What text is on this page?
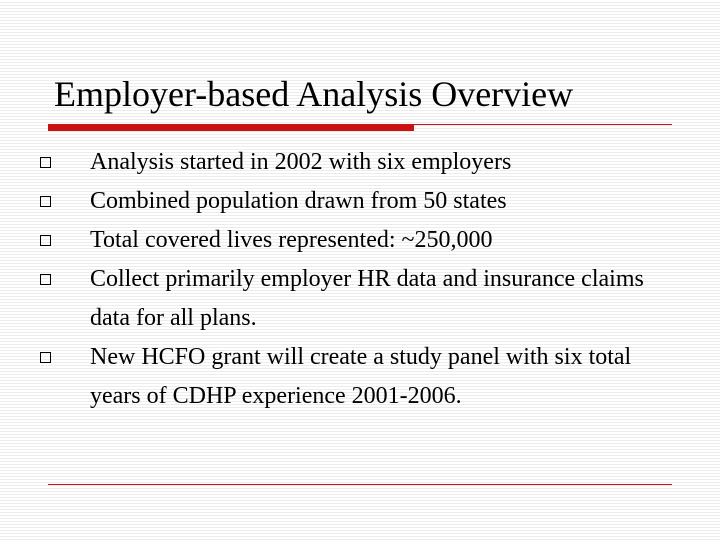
Employer-based Analysis Overview
Analysis started in 2002 with six employers
Combined population drawn from 50 states
Total covered lives represented: ~250,000
Collect primarily employer HR data and insurance claims data for all plans.
New HCFO grant will create a study panel with six total years of CDHP experience 2001-2006.
